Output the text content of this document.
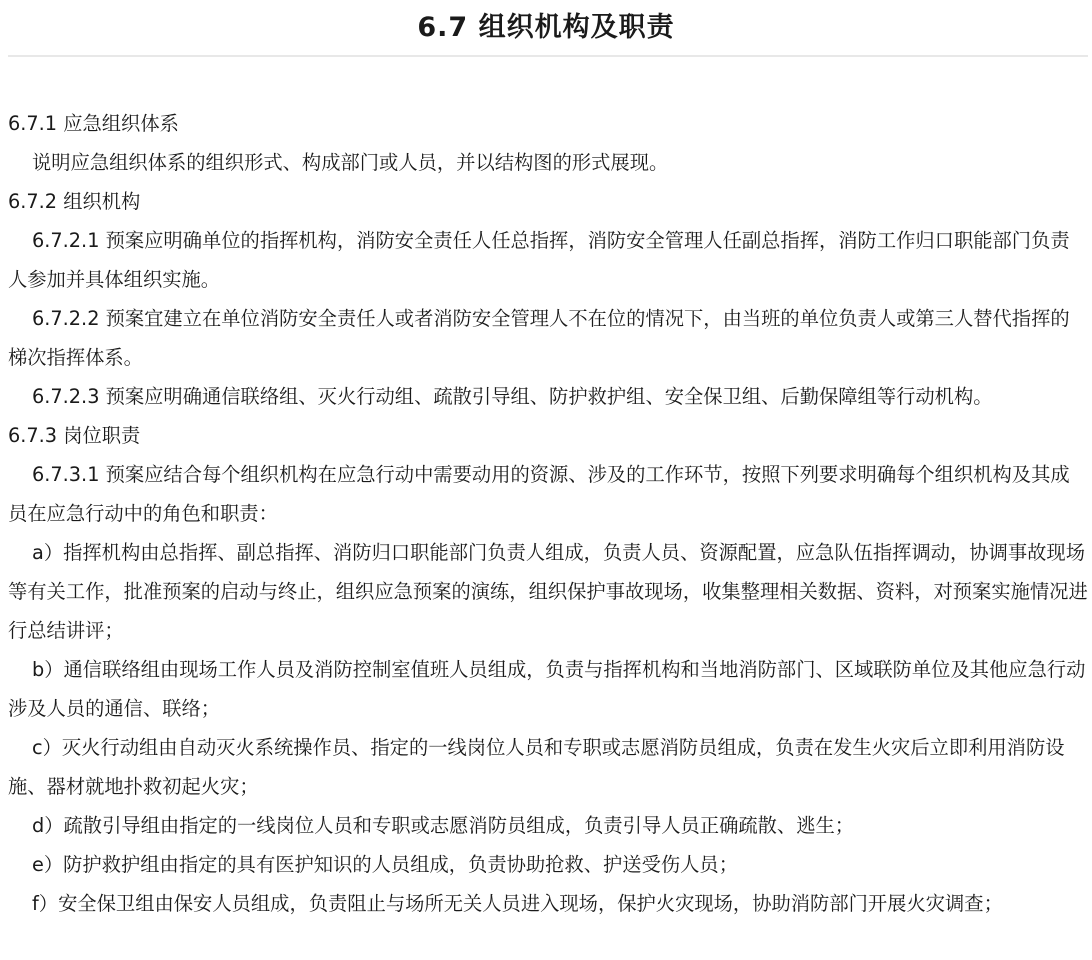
6.7 组织机构及职责

6.7.1 应急组织体系

说明应急组织体系的组织形式、构成部门或人员，并以结构图的形式展现。

6.7.2 组织机构

6.7.2.1 预案应明确单位的指挥机构，消防安全责任人任总指挥，消防安全管理人任副总指挥，消防工作归口职能部门负责人参加并具体组织实施。

6.7.2.2 预案宜建立在单位消防安全责任人或者消防安全管理人不在位的情况下，由当班的单位负责人或第三人替代指挥的梯次指挥体系。

6.7.2.3 预案应明确通信联络组、灭火行动组、疏散引导组、防护救护组、安全保卫组、后勤保障组等行动机构。

6.7.3 岗位职责

6.7.3.1 预案应结合每个组织机构在应急行动中需要动用的资源、涉及的工作环节，按照下列要求明确每个组织机构及其成员在应急行动中的角色和职责：

a）指挥机构由总指挥、副总指挥、消防归口职能部门负责人组成，负责人员、资源配置，应急队伍指挥调动，协调事故现场等有关工作，批准预案的启动与终止，组织应急预案的演练，组织保护事故现场，收集整理相关数据、资料，对预案实施情况进行总结讲评；

b）通信联络组由现场工作人员及消防控制室值班人员组成，负责与指挥机构和当地消防部门、区域联防单位及其他应急行动涉及人员的通信、联络；

c）灭火行动组由自动灭火系统操作员、指定的一线岗位人员和专职或志愿消防员组成，负责在发生火灾后立即利用消防设施、器材就地扑救初起火灾；

d）疏散引导组由指定的一线岗位人员和专职或志愿消防员组成，负责引导人员正确疏散、逃生；

e）防护救护组由指定的具有医护知识的人员组成，负责协助抢救、护送受伤人员；

f）安全保卫组由保安人员组成，负责阻止与场所无关人员进入现场，保护火灾现场，协助消防部门开展火灾调查；
